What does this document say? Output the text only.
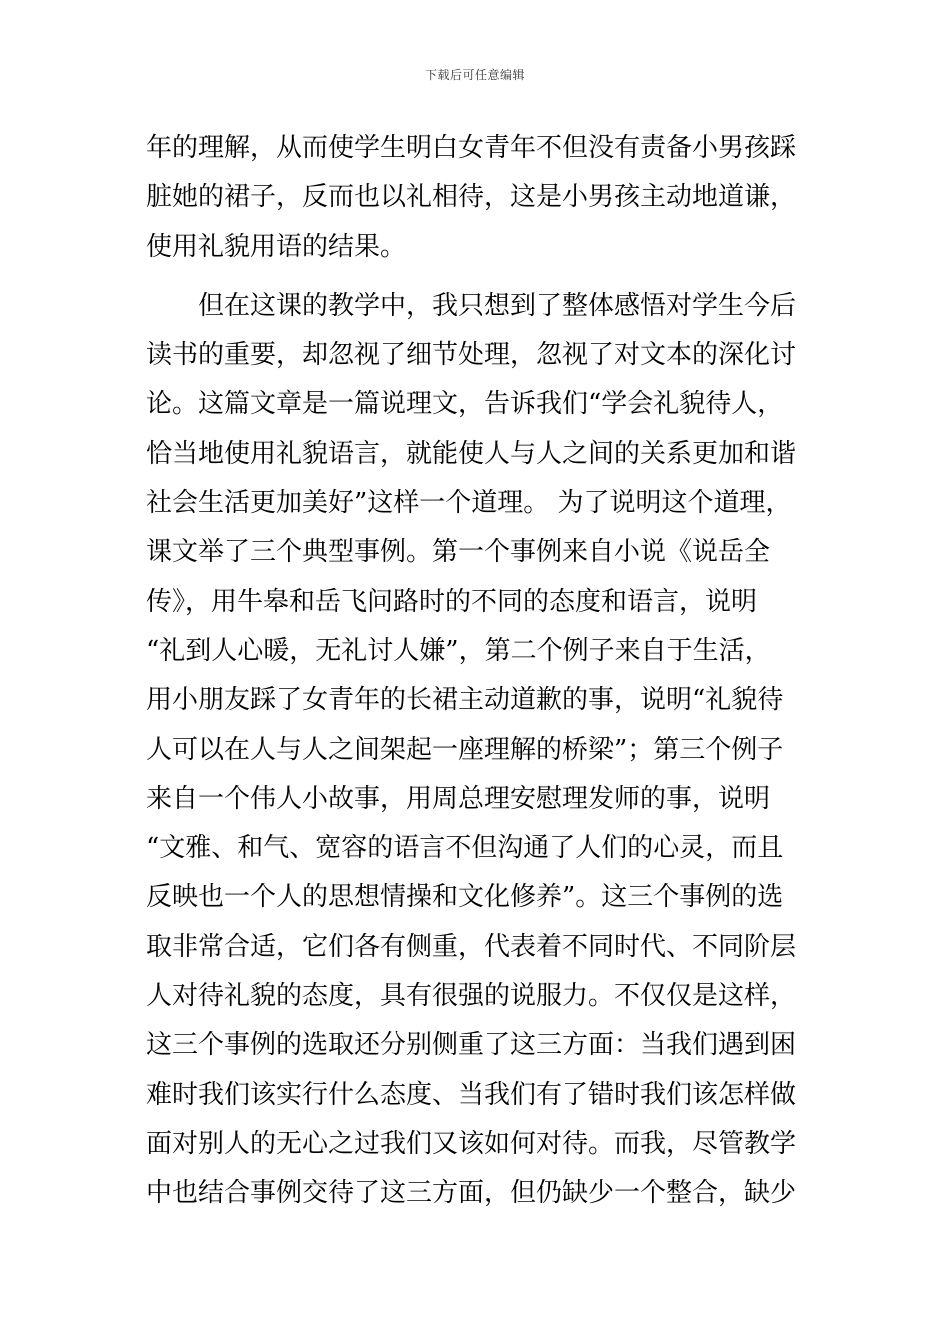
下载后可任意编辑
年的理解，从而使学生明白女青年不但没有责备小男孩踩
脏她的裙子，反而也以礼相待，这是小男孩主动地道谦，
使用礼貌用语的结果。
但在这课的教学中，我只想到了整体感悟对学生今后
读书的重要，却忽视了细节处理，忽视了对文本的深化讨
论。这篇文章是一篇说理文，告诉我们“学会礼貌待人，
恰当地使用礼貌语言，就能使人与人之间的关系更加和谐
社会生活更加美好”这样一个道理。 为了说明这个道理，
课文举了三个典型事例。第一个事例来自小说《说岳全
传》，用牛皋和岳飞问路时的不同的态度和语言，说明
“礼到人心暖，无礼讨人嫌”，第二个例子来自于生活，
用小朋友踩了女青年的长裙主动道歉的事，说明“礼貌待
人可以在人与人之间架起一座理解的桥梁”；第三个例子
来自一个伟人小故事，用周总理安慰理发师的事，说明
“文雅、和气、宽容的语言不但沟通了人们的心灵，而且
反映也一个人的思想情操和文化修养”。这三个事例的选
取非常合适，它们各有侧重，代表着不同时代、不同阶层
人对待礼貌的态度，具有很强的说服力。不仅仅是这样，
这三个事例的选取还分别侧重了这三方面：当我们遇到困
难时我们该实行什么态度、当我们有了错时我们该怎样做
面对别人的无心之过我们又该如何对待。而我，尽管教学
中也结合事例交待了这三方面，但仍缺少一个整合，缺少
